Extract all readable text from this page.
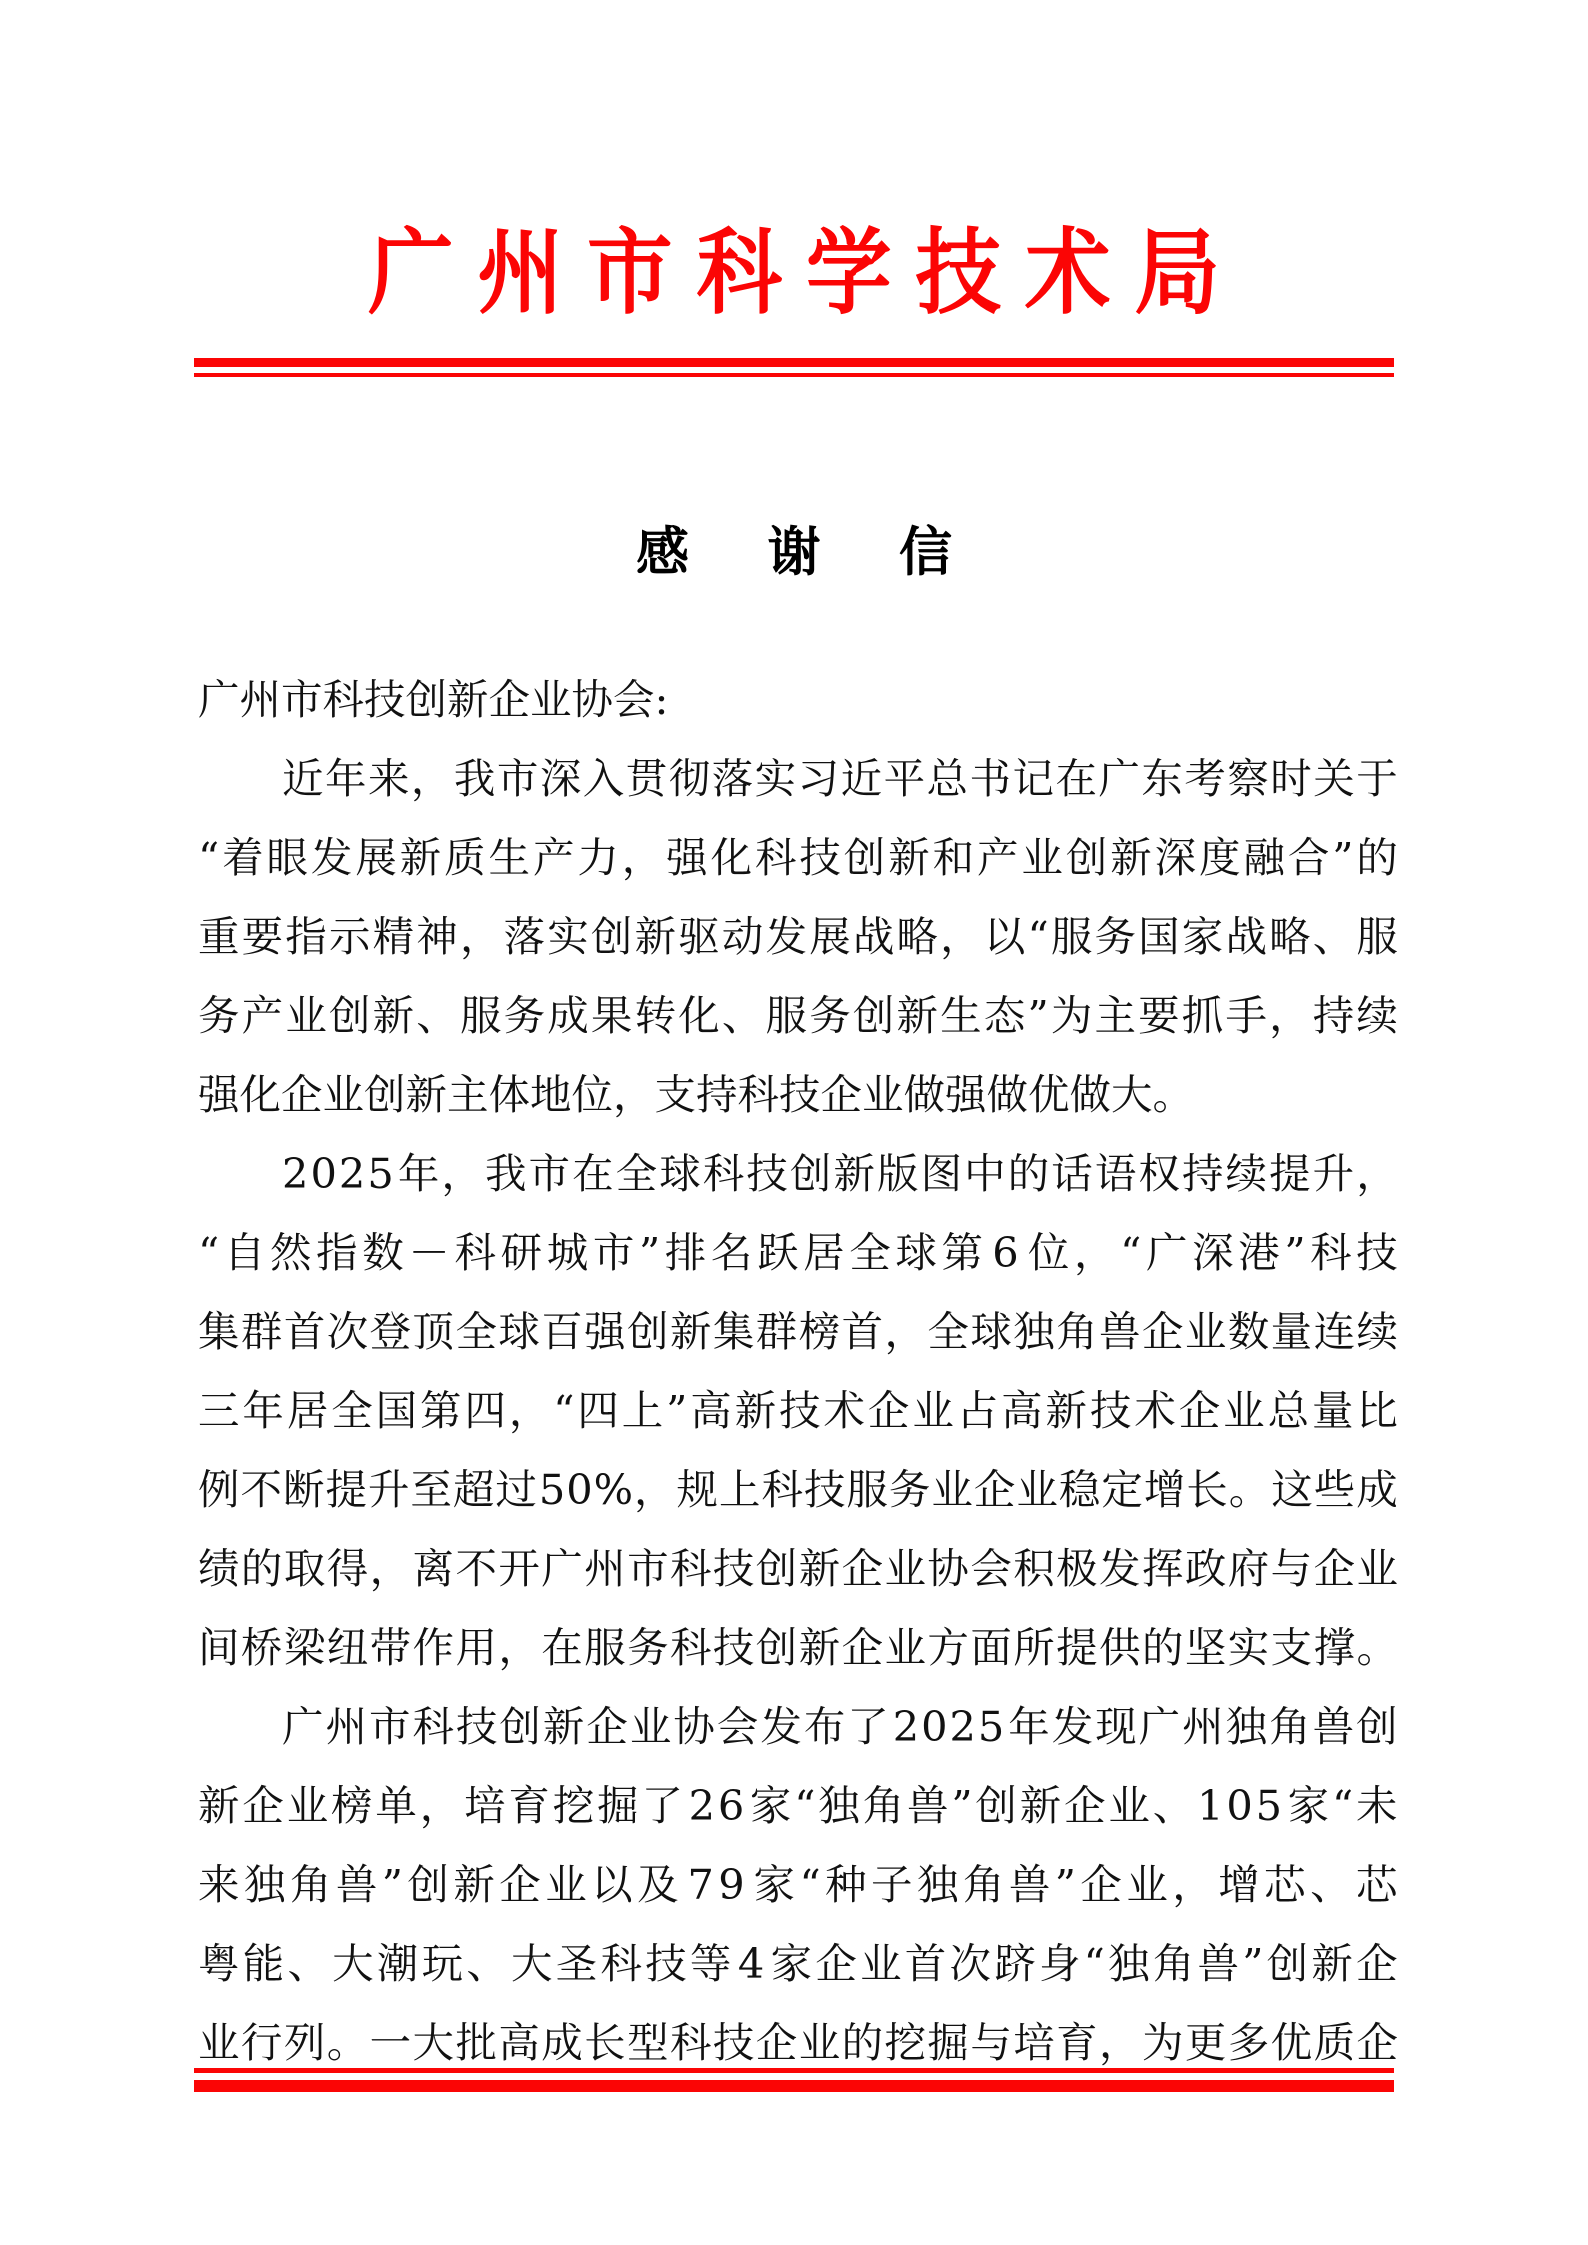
广州市科学技术局
感 谢 信
广州市科技创新企业协会:
近 年 来 ， 我 市 深 入 贯 彻 落 实 习 近 平 总 书 记 在 广 东 考 察 时 关 于
“ 着 眼 发 展 新 质 生 产 力 ， 强 化 科 技 创 新 和 产 业 创 新 深 度 融 合 ” 的
重 要 指 示 精 神 ， 落 实 创 新 驱 动 发 展 战 略 ， 以 “ 服 务 国 家 战 略 、 服
务 产 业 创 新 、 服 务 成 果 转 化 、 服 务 创 新 生 态 ” 为 主 要 抓 手 ， 持 续
强化企业创新主体地位，支持科技企业做强做优做大。
2 0 2 5 年 ， 我 市 在 全 球 科 技 创 新 版 图 中 的 话 语 权 持 续 提 升 ，
“ 自 然 指 数 － 科 研 城 市 ” 排 名 跃 居 全 球 第 6 位 ， “ 广 深 港 ” 科 技
集 群 首 次 登 顶 全 球 百 强 创 新 集 群 榜 首 ， 全 球 独 角 兽 企 业 数 量 连 续
三 年 居 全 国 第 四 ， “ 四 上 ” 高 新 技 术 企 业 占 高 新 技 术 企 业 总 量 比
例 不 断 提 升 至 超 过 5 0 % ， 规 上 科 技 服 务 业 企 业 稳 定 增 长 。 这 些 成
绩 的 取 得 ， 离 不 开 广 州 市 科 技 创 新 企 业 协 会 积 极 发 挥 政 府 与 企 业
间 桥 梁 纽 带 作 用 ， 在 服 务 科 技 创 新 企 业 方 面 所 提 供 的 坚 实 支 撑 。
广 州 市 科 技 创 新 企 业 协 会 发 布 了 2 0 2 5 年 发 现 广 州 独 角 兽 创
新 企 业 榜 单 ， 培 育 挖 掘 了 2 6 家 “ 独 角 兽 ” 创 新 企 业 、 1 0 5 家 “ 未
来 独 角 兽 ” 创 新 企 业 以 及 7 9 家 “ 种 子 独 角 兽 ” 企 业 ， 增 芯 、 芯
粤 能 、 大 潮 玩 、 大 圣 科 技 等 4 家 企 业 首 次 跻 身 “ 独 角 兽 ” 创 新 企
业 行 列 。 一 大 批 高 成 长 型 科 技 企 业 的 挖 掘 与 培 育 ， 为 更 多 优 质 企
